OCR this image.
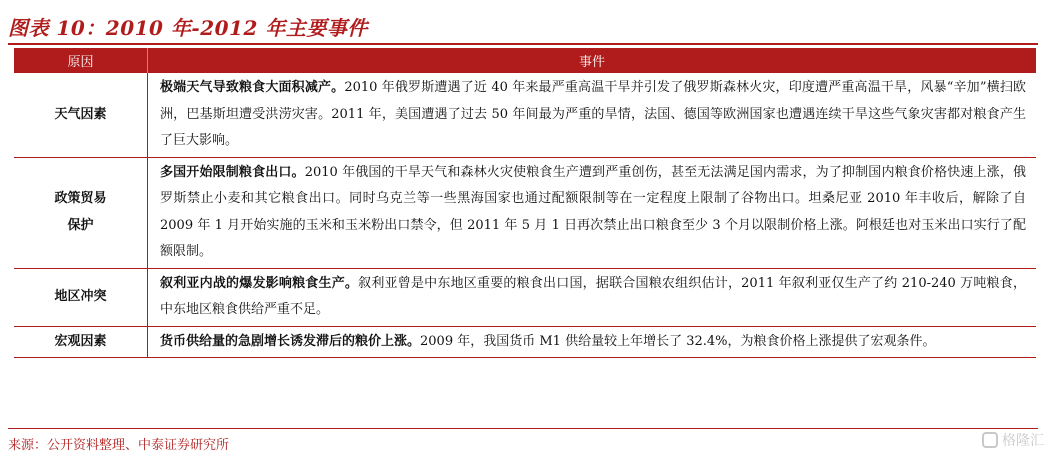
图表 10：2010 年-2012 年主要事件
原因	事件
天气因素	极端天气导致粮食大面积减产。2010 年俄罗斯遭遇了近 40 年来最严重高温干旱并引发了俄罗斯森林火灾，印度遭严重高温干旱，风暴“辛加”横扫欧洲，巴基斯坦遭受洪涝灾害。2011 年，美国遭遇了过去 50 年间最为严重的旱情，法国、德国等欧洲国家也遭遇连续干旱这些气象灾害都对粮食产生了巨大影响。
政策贸易保护	多国开始限制粮食出口。2010 年俄国的干旱天气和森林火灾使粮食生产遭到严重创伤，甚至无法满足国内需求，为了抑制国内粮食价格快速上涨，俄罗斯禁止小麦和其它粮食出口。同时乌克兰等一些黑海国家也通过配额限制等在一定程度上限制了谷物出口。坦桑尼亚 2010 年丰收后，解除了自 2009 年 1 月开始实施的玉米和玉米粉出口禁令，但 2011 年 5 月 1 日再次禁止出口粮食至少 3 个月以限制价格上涨。阿根廷也对玉米出口实行了配额限制。
地区冲突	叙利亚内战的爆发影响粮食生产。叙利亚曾是中东地区重要的粮食出口国，据联合国粮农组织估计，2011 年叙利亚仅生产了约 210-240 万吨粮食，中东地区粮食供给严重不足。
宏观因素	货币供给量的急剧增长诱发滞后的粮价上涨。2009 年，我国货币 M1 供给量较上年增长了 32.4%，为粮食价格上涨提供了宏观条件。
来源：公开资料整理、中泰证券研究所	格隆汇
